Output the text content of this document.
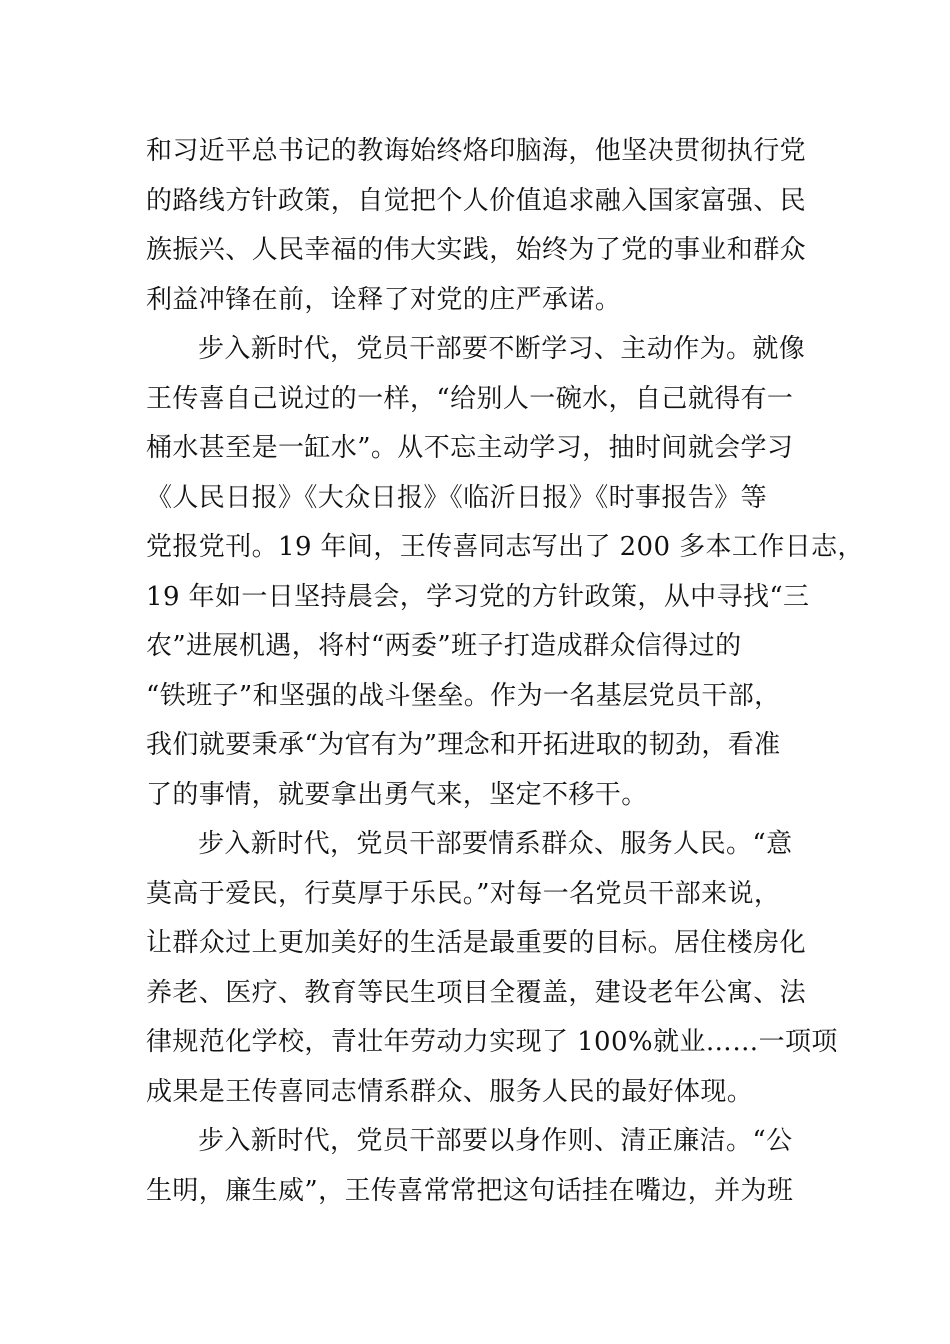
和习近平总书记的教诲始终烙印脑海，他坚决贯彻执行党
的路线方针政策，自觉把个人价值追求融入国家富强、民
族振兴、人民幸福的伟大实践，始终为了党的事业和群众
利益冲锋在前，诠释了对党的庄严承诺。
步入新时代，党员干部要不断学习、主动作为。就像
王传喜自己说过的一样，“给别人一碗水，自己就得有一
桶水甚至是一缸水”。从不忘主动学习，抽时间就会学习
《人民日报》《大众日报》《临沂日报》《时事报告》等
党报党刊。19 年间，王传喜同志写出了 200 多本工作日志，
19 年如一日坚持晨会，学习党的方针政策，从中寻找“三
农”进展机遇，将村“两委”班子打造成群众信得过的
“铁班子”和坚强的战斗堡垒。作为一名基层党员干部，
我们就要秉承“为官有为”理念和开拓进取的韧劲，看准
了的事情，就要拿出勇气来，坚定不移干。
步入新时代，党员干部要情系群众、服务人民。“意
莫高于爱民，行莫厚于乐民。”对每一名党员干部来说，
让群众过上更加美好的生活是最重要的目标。居住楼房化
养老、医疗、教育等民生项目全覆盖，建设老年公寓、法
律规范化学校，青壮年劳动力实现了 100%就业……一项项
成果是王传喜同志情系群众、服务人民的最好体现。
步入新时代，党员干部要以身作则、清正廉洁。“公
生明，廉生威”，王传喜常常把这句话挂在嘴边，并为班
